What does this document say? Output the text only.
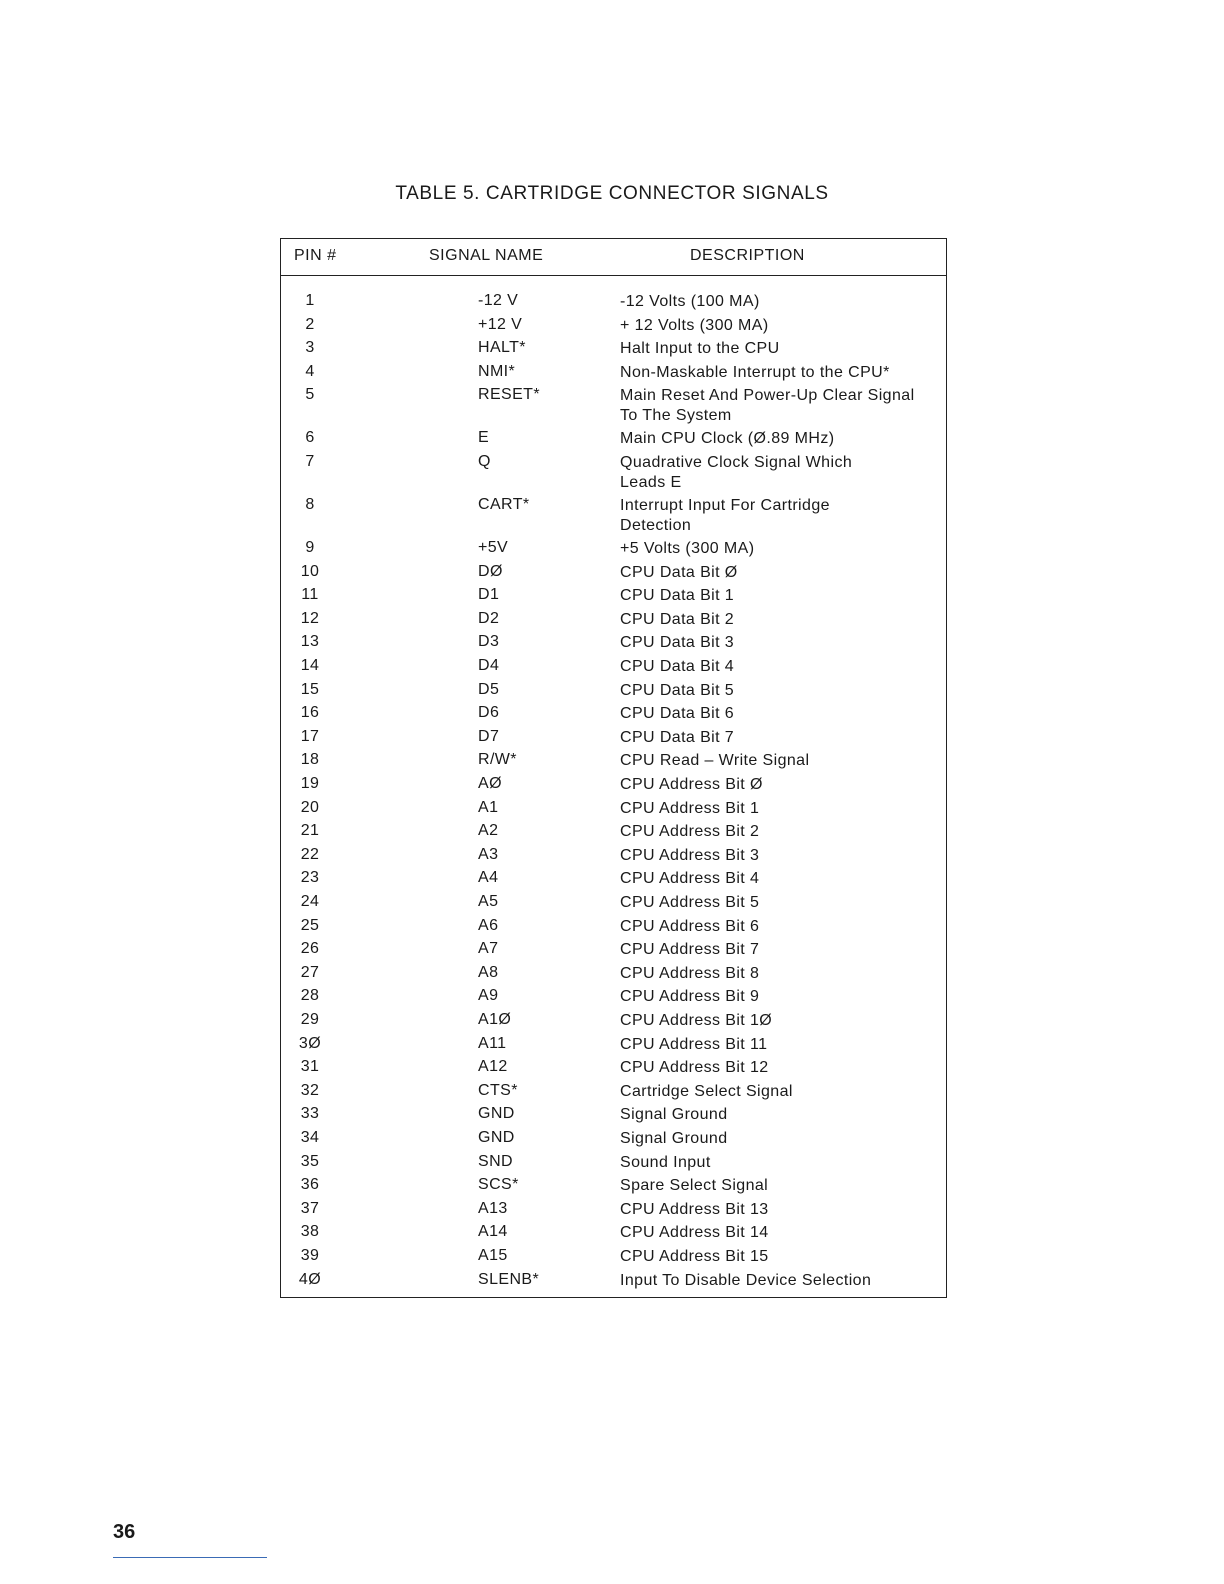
TABLE 5. CARTRIDGE CONNECTOR SIGNALS
PIN #	SIGNAL NAME	DESCRIPTION
1	-12 V	-12 Volts (100 MA)
2	+12 V	+ 12 Volts (300 MA)
3	HALT*	Halt Input to the CPU
4	NMI*	Non-Maskable Interrupt to the CPU*
5	RESET*	Main Reset And Power-Up Clear Signal
To The System
6	E	Main CPU Clock (Ø.89 MHz)
7	Q	Quadrative Clock Signal Which
Leads E
8	CART*	Interrupt Input For Cartridge
Detection
9	+5V	+5 Volts (300 MA)
10	DØ	CPU Data Bit Ø
11	D1	CPU Data Bit 1
12	D2	CPU Data Bit 2
13	D3	CPU Data Bit 3
14	D4	CPU Data Bit 4
15	D5	CPU Data Bit 5
16	D6	CPU Data Bit 6
17	D7	CPU Data Bit 7
18	R/W*	CPU Read – Write Signal
19	AØ	CPU Address Bit Ø
20	A1	CPU Address Bit 1
21	A2	CPU Address Bit 2
22	A3	CPU Address Bit 3
23	A4	CPU Address Bit 4
24	A5	CPU Address Bit 5
25	A6	CPU Address Bit 6
26	A7	CPU Address Bit 7
27	A8	CPU Address Bit 8
28	A9	CPU Address Bit 9
29	A1Ø	CPU Address Bit 1Ø
3Ø	A11	CPU Address Bit 11
31	A12	CPU Address Bit 12
32	CTS*	Cartridge Select Signal
33	GND	Signal Ground
34	GND	Signal Ground
35	SND	Sound Input
36	SCS*	Spare Select Signal
37	A13	CPU Address Bit 13
38	A14	CPU Address Bit 14
39	A15	CPU Address Bit 15
4Ø	SLENB*	Input To Disable Device Selection
36
